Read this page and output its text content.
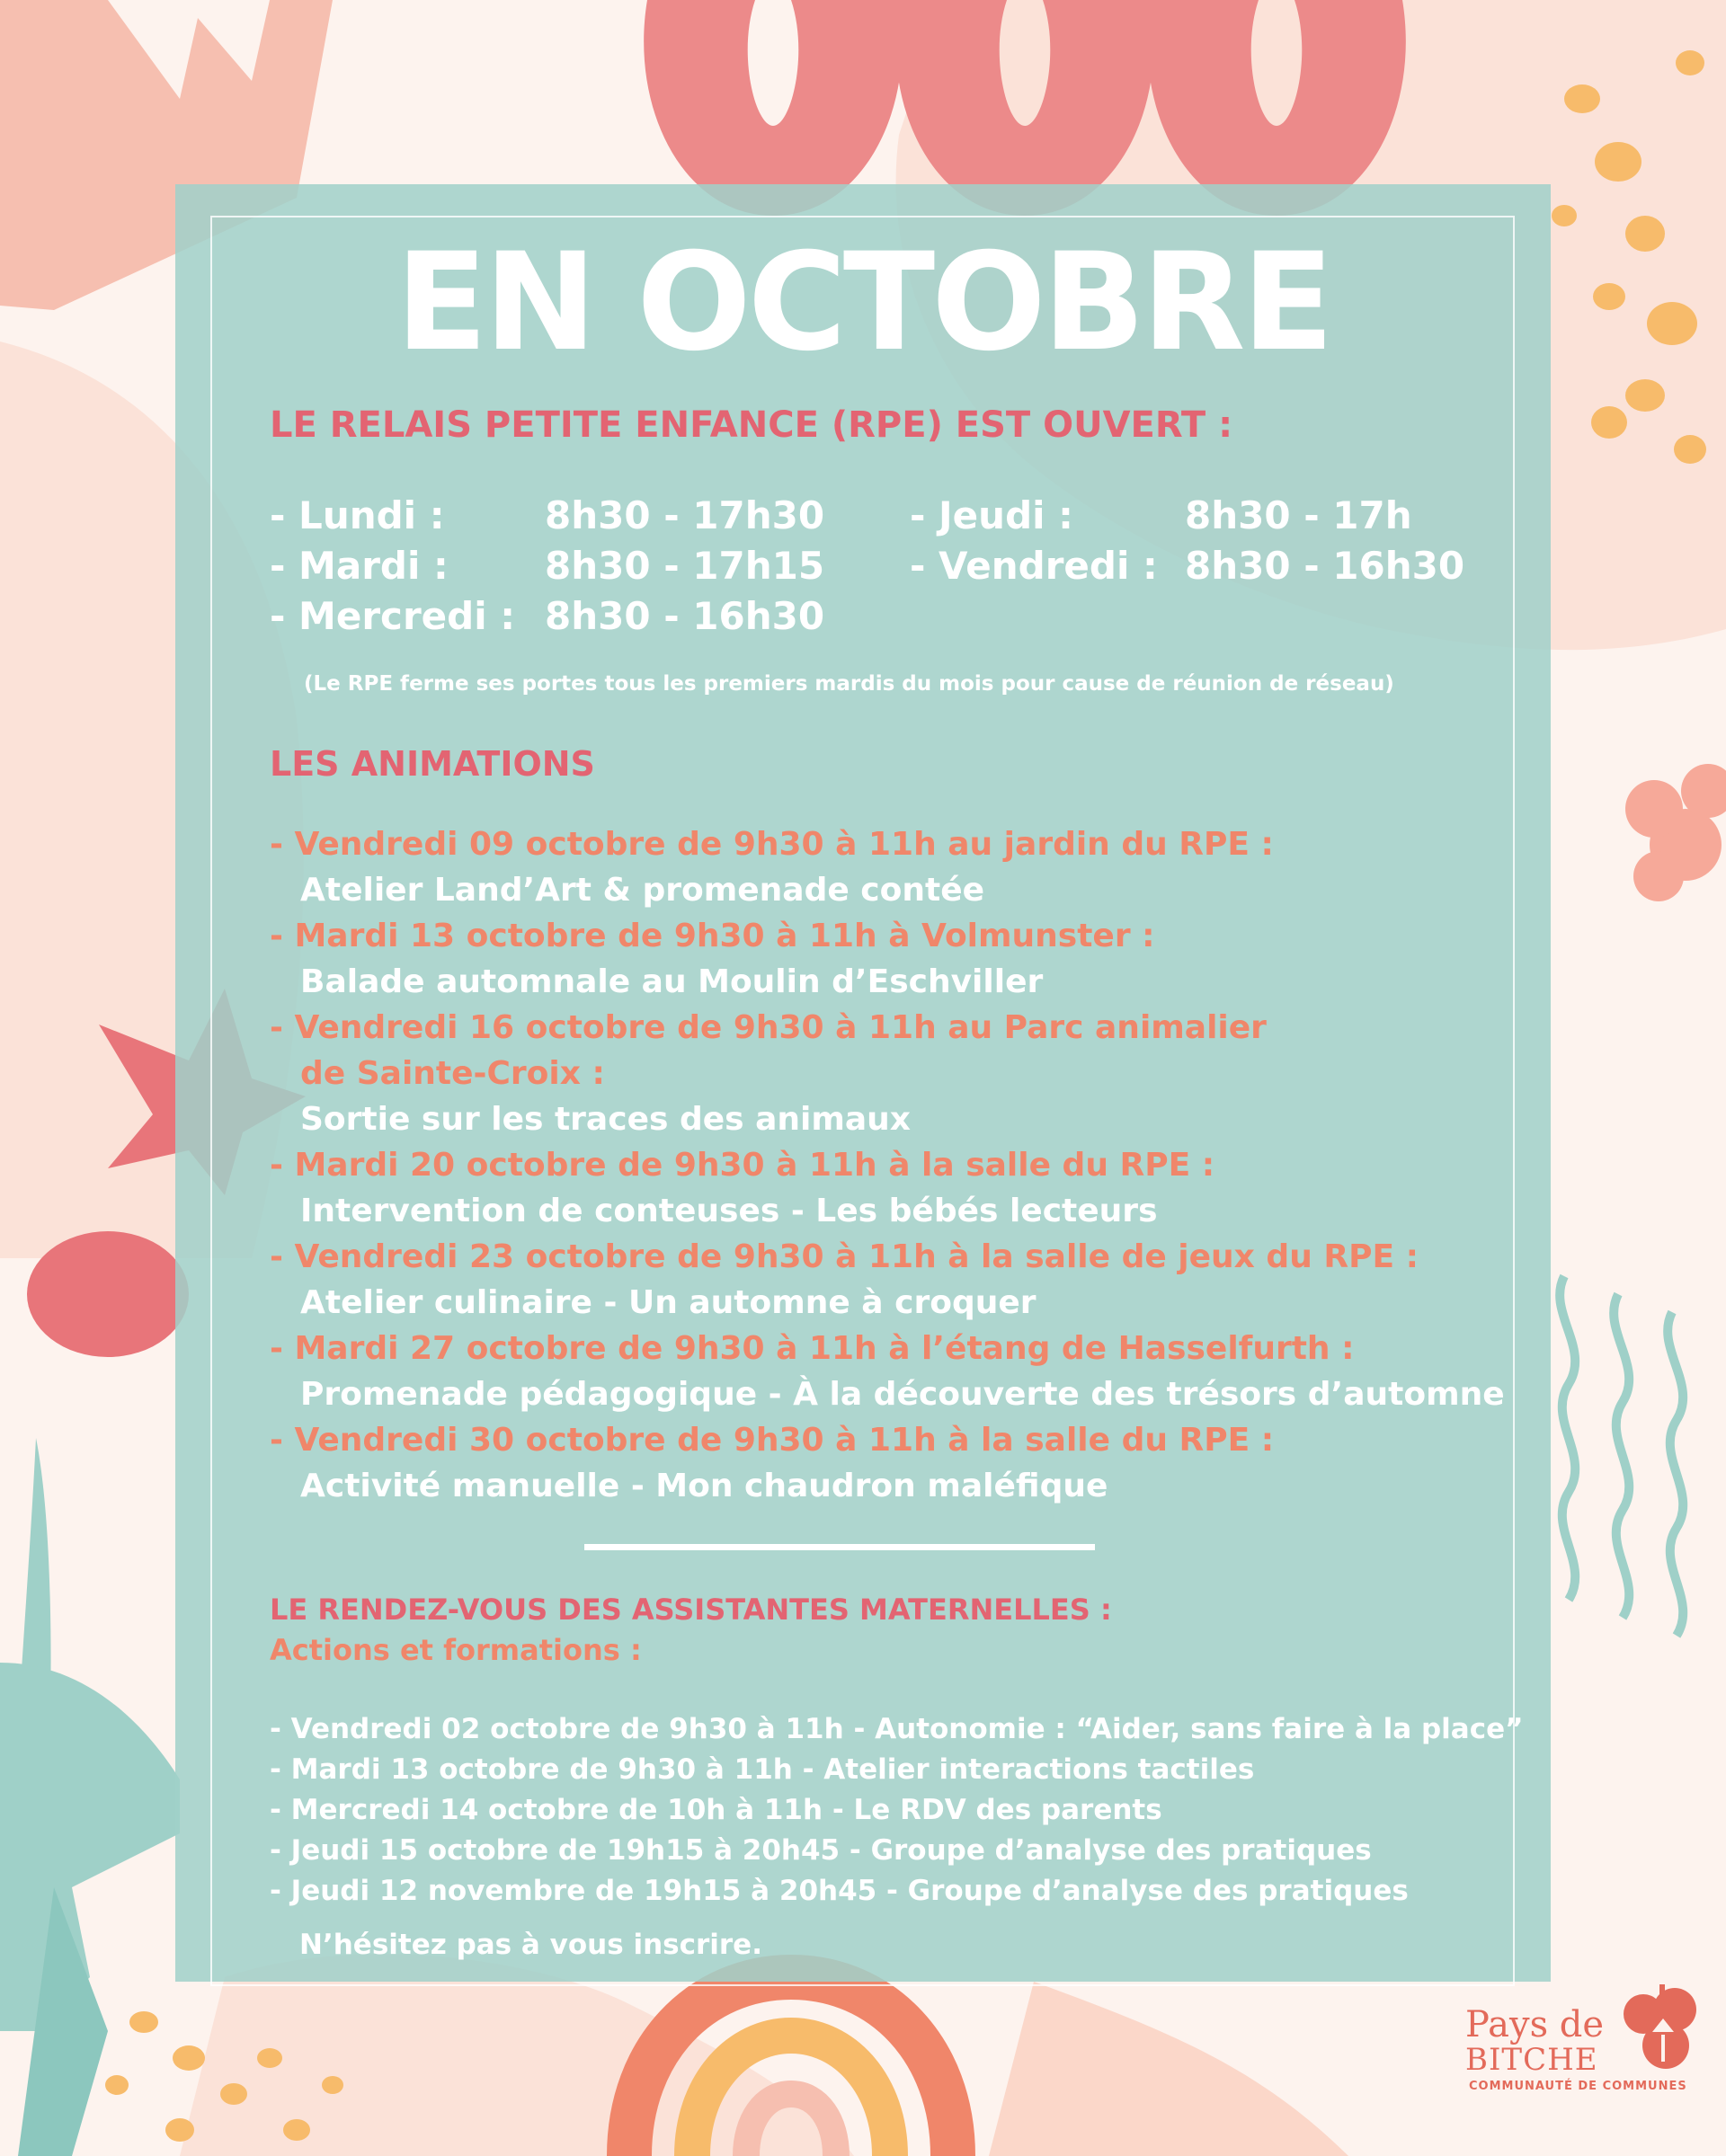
EN OCTOBRE
LE RELAIS PETITE ENFANCE (RPE) EST OUVERT :
- Lundi :	8h30 - 17h30
- Mardi :	8h30 - 17h15
- Mercredi : 8h30 - 16h30
- Jeudi :	8h30 - 17h
- Vendredi : 8h30 - 16h30
(Le RPE ferme ses portes tous les premiers mardis du mois pour cause de réunion de réseau)
LES ANIMATIONS
- Vendredi 09 octobre de 9h30 à 11h au jardin du RPE :
Atelier Land’Art & promenade contée
- Mardi 13 octobre de 9h30 à 11h à Volmunster :
Balade automnale au Moulin d’Eschviller
- Vendredi 16 octobre de 9h30 à 11h au Parc animalier
de Sainte-Croix :
Sortie sur les traces des animaux
- Mardi 20 octobre de 9h30 à 11h à la salle du RPE :
Intervention de conteuses - Les bébés lecteurs
- Vendredi 23 octobre de 9h30 à 11h à la salle de jeux du RPE :
Atelier culinaire - Un automne à croquer
- Mardi 27 octobre de 9h30 à 11h à l’étang de Hasselfurth :
Promenade pédagogique - À la découverte des trésors d’automne
- Vendredi 30 octobre de 9h30 à 11h à la salle du RPE :
Activité manuelle - Mon chaudron maléfique
LE RENDEZ-VOUS DES ASSISTANTES MATERNELLES :
Actions et formations :
- Vendredi 02 octobre de 9h30 à 11h - Autonomie : “Aider, sans faire à la place”
- Mardi 13 octobre de 9h30 à 11h - Atelier interactions tactiles
- Mercredi 14 octobre de 10h à 11h - Le RDV des parents
- Jeudi 15 octobre de 19h15 à 20h45 - Groupe d’analyse des pratiques
- Jeudi 12 novembre de 19h15 à 20h45 - Groupe d’analyse des pratiques
N’hésitez pas à vous inscrire.
Pays de
BITCHE
COMMUNAUTÉ DE COMMUNES
